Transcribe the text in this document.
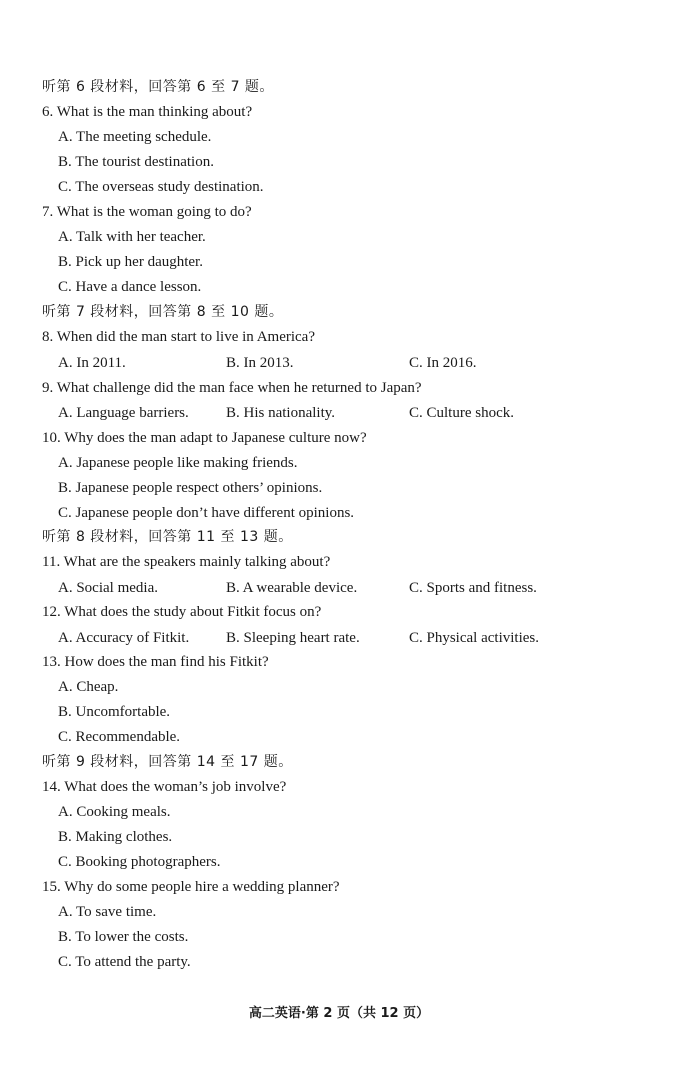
听第 6 段材料，回答第 6 至 7 题。
6. What is the man thinking about?
A. The meeting schedule.
B. The tourist destination.
C. The overseas study destination.
7. What is the woman going to do?
A. Talk with her teacher.
B. Pick up her daughter.
C. Have a dance lesson.
听第 7 段材料，回答第 8 至 10 题。
8. When did the man start to live in America?
A. In 2011.	B. In 2013.	C. In 2016.
9. What challenge did the man face when he returned to Japan?
A. Language barriers. B. His nationality.	C. Culture shock.
10. Why does the man adapt to Japanese culture now?
A. Japanese people like making friends.
B. Japanese people respect others’ opinions.
C. Japanese people don’t have different opinions.
听第 8 段材料，回答第 11 至 13 题。
11. What are the speakers mainly talking about?
A. Social media.	B. A wearable device.	C. Sports and fitness.
12. What does the study about Fitkit focus on?
A. Accuracy of Fitkit. B. Sleeping heart rate.	C. Physical activities.
13. How does the man find his Fitkit?
A. Cheap.
B. Uncomfortable.
C. Recommendable.
听第 9 段材料，回答第 14 至 17 题。
14. What does the woman’s job involve?
A. Cooking meals.
B. Making clothes.
C. Booking photographers.
15. Why do some people hire a wedding planner?
A. To save time.
B. To lower the costs.
C. To attend the party.
高二英语·第 2 页（共 12 页）
